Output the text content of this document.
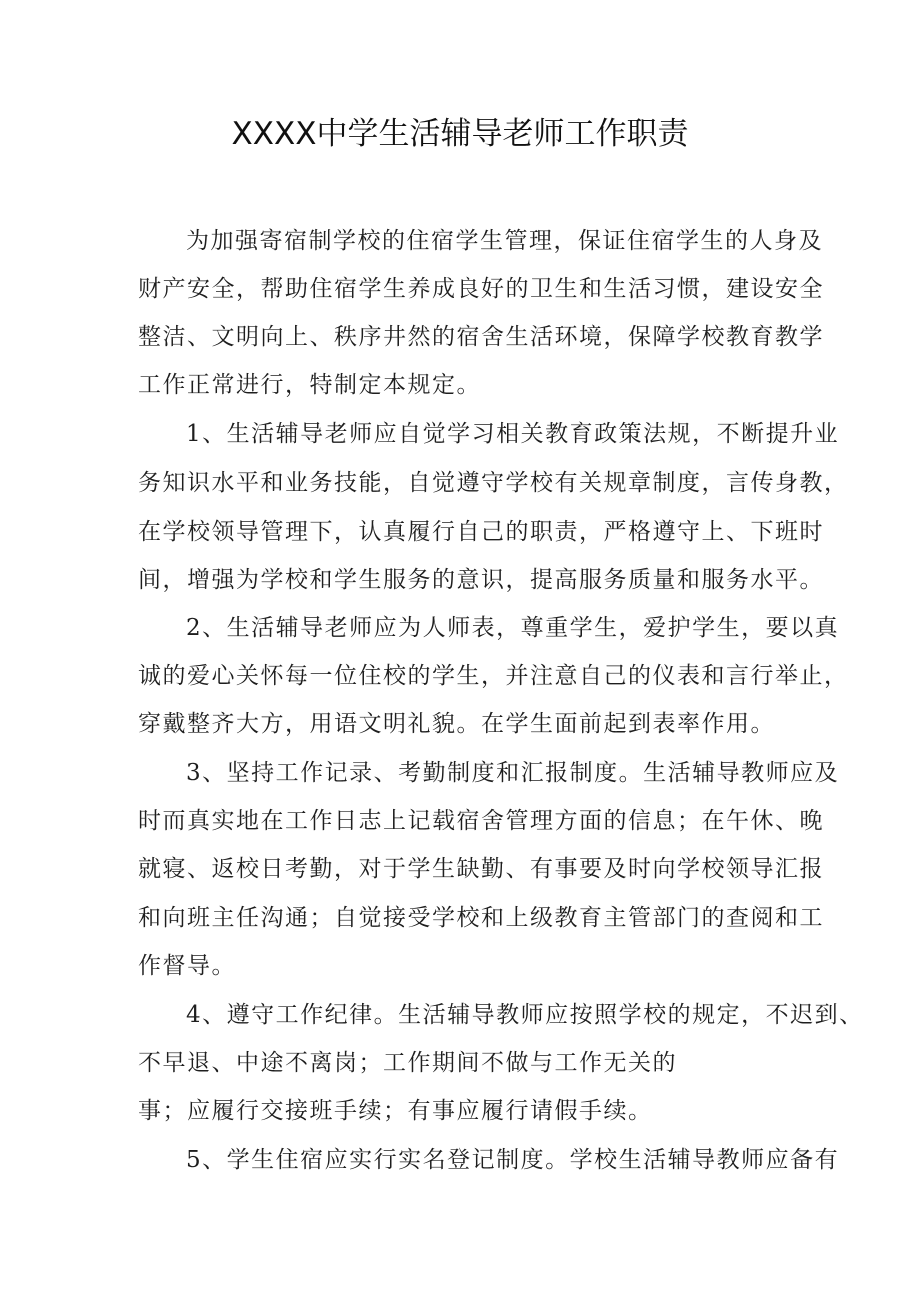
XXXX中学生活辅导老师工作职责
为加强寄宿制学校的住宿学生管理，保证住宿学生的人身及
财产安全，帮助住宿学生养成良好的卫生和生活习惯，建设安全
整洁、文明向上、秩序井然的宿舍生活环境，保障学校教育教学
工作正常进行，特制定本规定。
1、生活辅导老师应自觉学习相关教育政策法规，不断提升业
务知识水平和业务技能，自觉遵守学校有关规章制度，言传身教，
在学校领导管理下，认真履行自己的职责，严格遵守上、下班时
间，增强为学校和学生服务的意识，提高服务质量和服务水平。
2、生活辅导老师应为人师表，尊重学生，爱护学生，要以真
诚的爱心关怀每一位住校的学生，并注意自己的仪表和言行举止，
穿戴整齐大方，用语文明礼貌。在学生面前起到表率作用。
3、坚持工作记录、考勤制度和汇报制度。生活辅导教师应及
时而真实地在工作日志上记载宿舍管理方面的信息；在午休、晚
就寝、返校日考勤，对于学生缺勤、有事要及时向学校领导汇报
和向班主任沟通；自觉接受学校和上级教育主管部门的查阅和工
作督导。
4、遵守工作纪律。生活辅导教师应按照学校的规定，不迟到、
不早退、中途不离岗；工作期间不做与工作无关的
事；应履行交接班手续；有事应履行请假手续。
5、学生住宿应实行实名登记制度。学校生活辅导教师应备有
